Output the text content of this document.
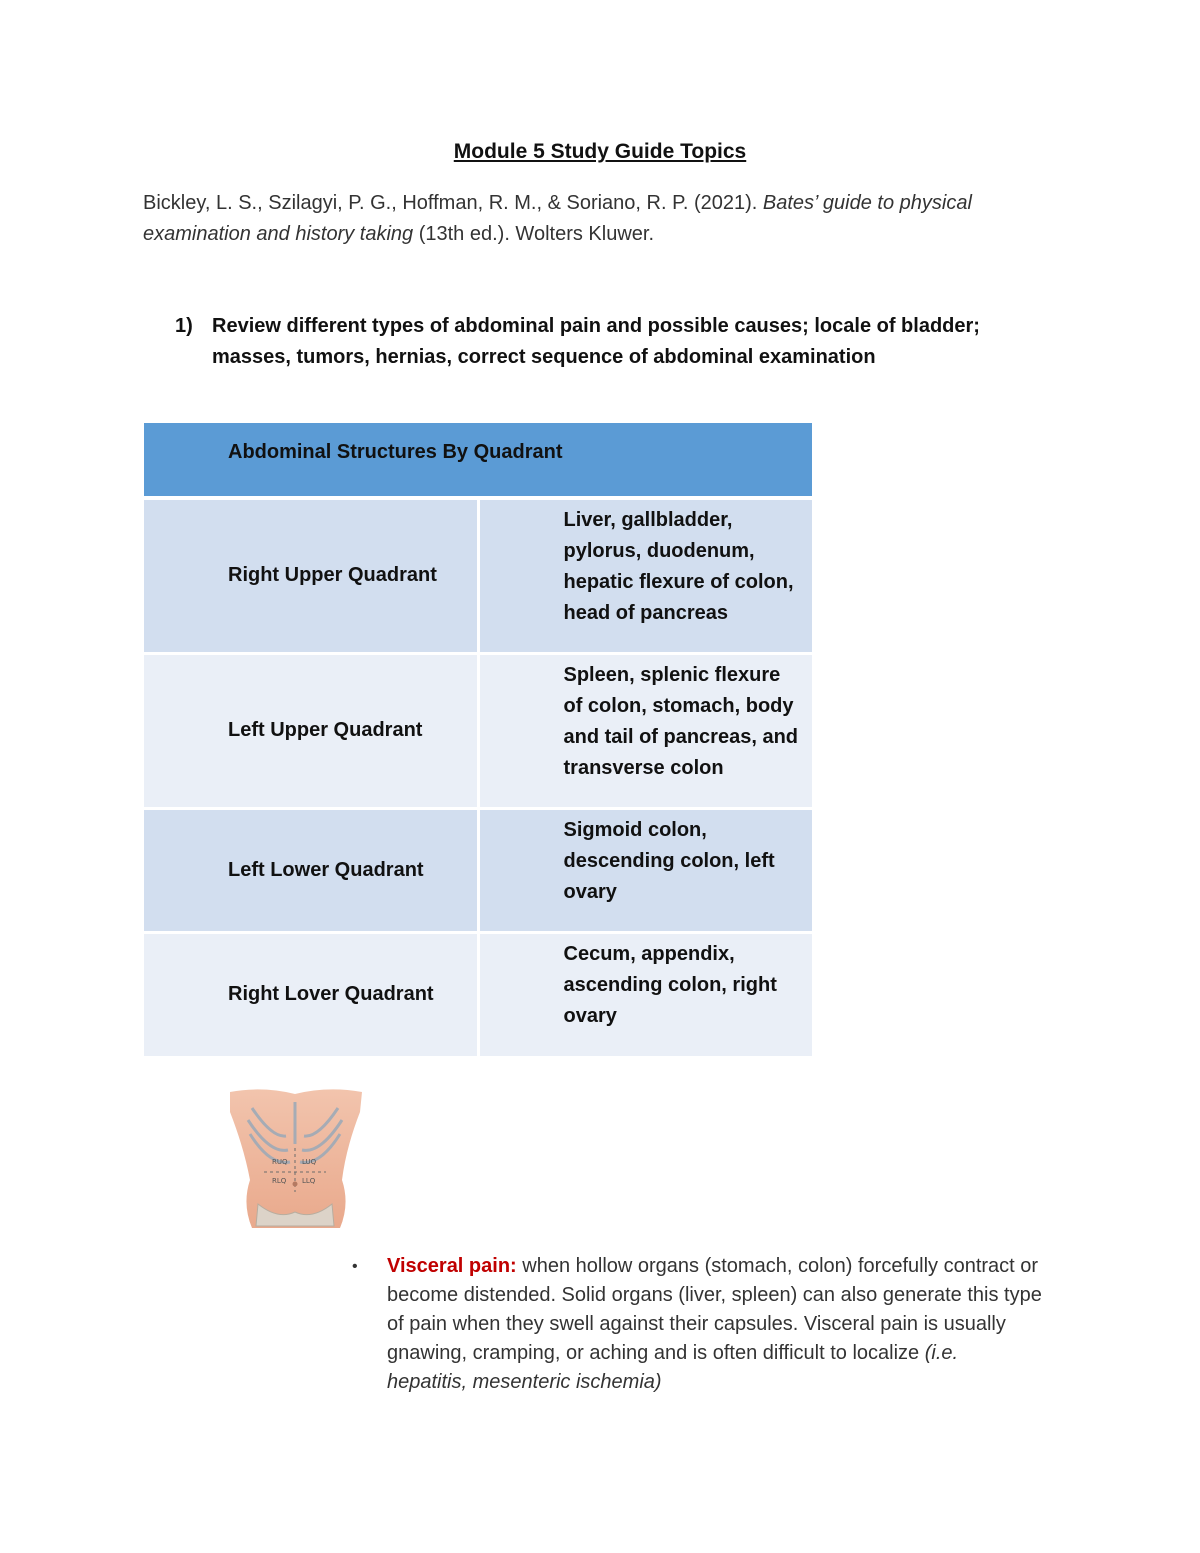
Module 5 Study Guide Topics
Bickley, L. S., Szilagyi, P. G., Hoffman, R. M., & Soriano, R. P. (2021). Bates’ guide to physical examination and history taking (13th ed.). Wolters Kluwer.
1) Review different types of abdominal pain and possible causes; locale of bladder; masses, tumors, hernias, correct sequence of abdominal examination
Abdominal Structures By Quadrant	
Right Upper Quadrant	Liver, gallbladder, pylorus, duodenum, hepatic flexure of colon, head of pancreas
Left Upper Quadrant	Spleen, splenic flexure of colon, stomach, body and tail of pancreas, and transverse colon
Left Lower Quadrant	Sigmoid colon, descending colon, left ovary
Right Lover Quadrant	Cecum, appendix, ascending colon, right ovary
RUQ LUQ
RLQ LLQ
• Visceral pain: when hollow organs (stomach, colon) forcefully contract or become distended. Solid organs (liver, spleen) can also generate this type of pain when they swell against their capsules. Visceral pain is usually gnawing, cramping, or aching and is often difficult to localize (i.e. hepatitis, mesenteric ischemia)
